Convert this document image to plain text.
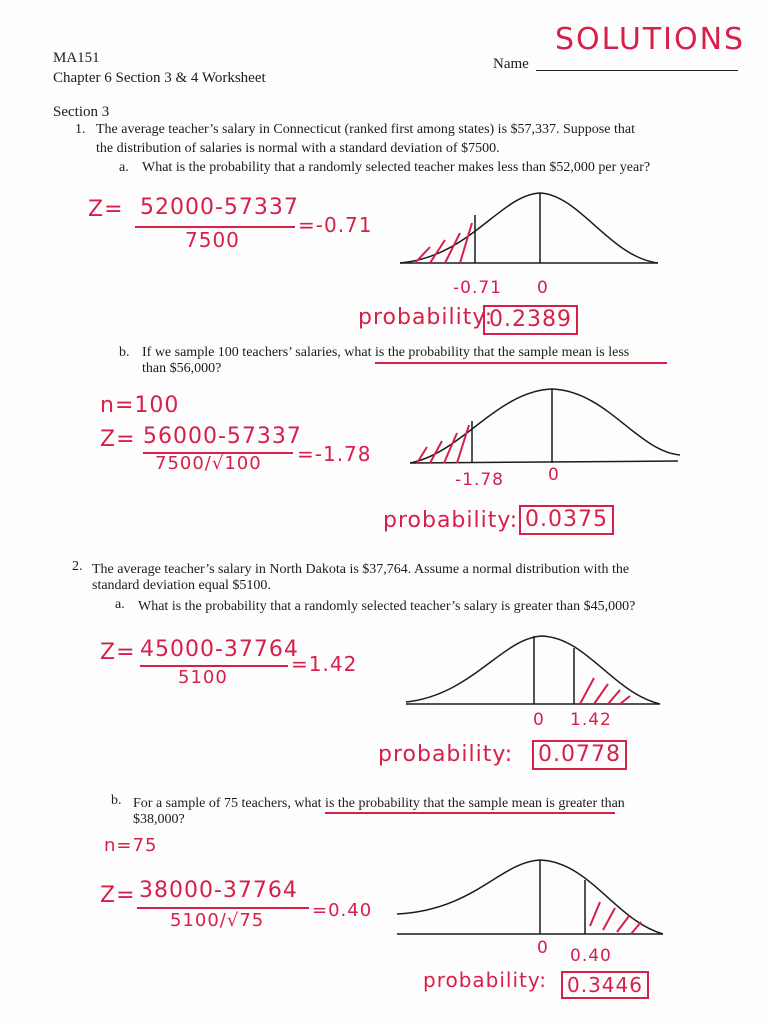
MA151
Chapter 6 Section 3 & 4 Worksheet
Name
SOLUTIONS
Section 3
1. The average teacher’s salary in Connecticut (ranked first among states) is $57,337. Suppose that
the distribution of salaries is normal with a standard deviation of $7500.
a. What is the probability that a randomly selected teacher makes less than $52,000 per year?
Z= 52000-57337
7500
=-0.71
-0.71 0
probability:
0.2389
b. If we sample 100 teachers’ salaries, what is the probability that the sample mean is less
than $56,000?
n=100
Z= 56000-57337
7500/√100 =-1.78
-1.78	0
probability: 0.0375
2. The average teacher’s salary in North Dakota is $37,764. Assume a normal distribution with the
standard deviation equal $5100.
a. What is the probability that a randomly selected teacher’s salary is greater than $45,000?
Z= 45000-37764
5100
=1.42
0 1.42
probability: 0.0778
b. For a sample of 75 teachers, what is the probability that the sample mean is greater than
$38,000?
n=75
Z= 38000-37764
5100/√75	=0.40
0 0.40
probability:	0.3446
